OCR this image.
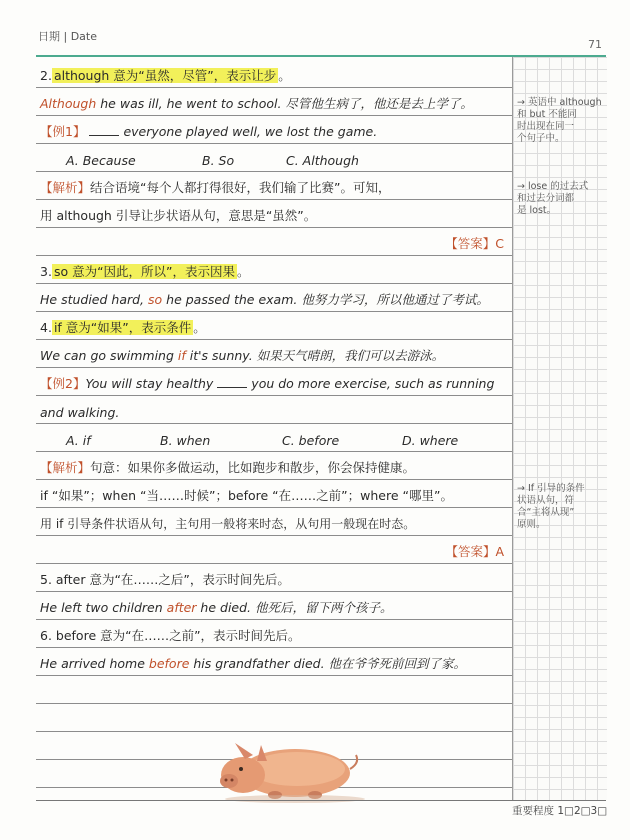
日期 | Date
71
→ 英语中 although
和 but 不能同
时出现在同一
个句子中。
→ lose 的过去式
和过去分词都
是 lost。
→ If 引导的条件
状语从句，符
合“主将从现”
原则。
2. although 意为“虽然，尽管”，表示让步 。
Although he was ill, he went to school. 尽管他生病了，他还是去上学了。
【例1】	everyone played well, we lost the game.
A. Because	B. So	C. Although
【解析】结合语境“每个人都打得很好，我们输了比赛”。可知，
用 although 引导让步状语从句，意思是“虽然”。
【答案】C
3. so 意为“因此，所以”，表示因果 。
He studied hard, so he passed the exam. 他努力学习，所以他通过了考试。
4. if 意为“如果”，表示条件 。
We can go swimming if it's sunny. 如果天气晴朗，我们可以去游泳。
【例2】You will stay healthy	you do more exercise, such as running
and walking.
A. if	B. when	C. before	D. where
【解析】句意：如果你多做运动，比如跑步和散步，你会保持健康。
if “如果”；when “当……时候”；before “在……之前”；where “哪里”。
用 if 引导条件状语从句，主句用一般将来时态，从句用一般现在时态。
【答案】A
5. after 意为“在……之后”，表示时间先后。
He left two children after he died. 他死后，留下两个孩子。
6. before 意为“在……之前”，表示时间先后。
He arrived home before his grandfather died. 他在爷爷死前回到了家。
重要程度 1□2□3□
